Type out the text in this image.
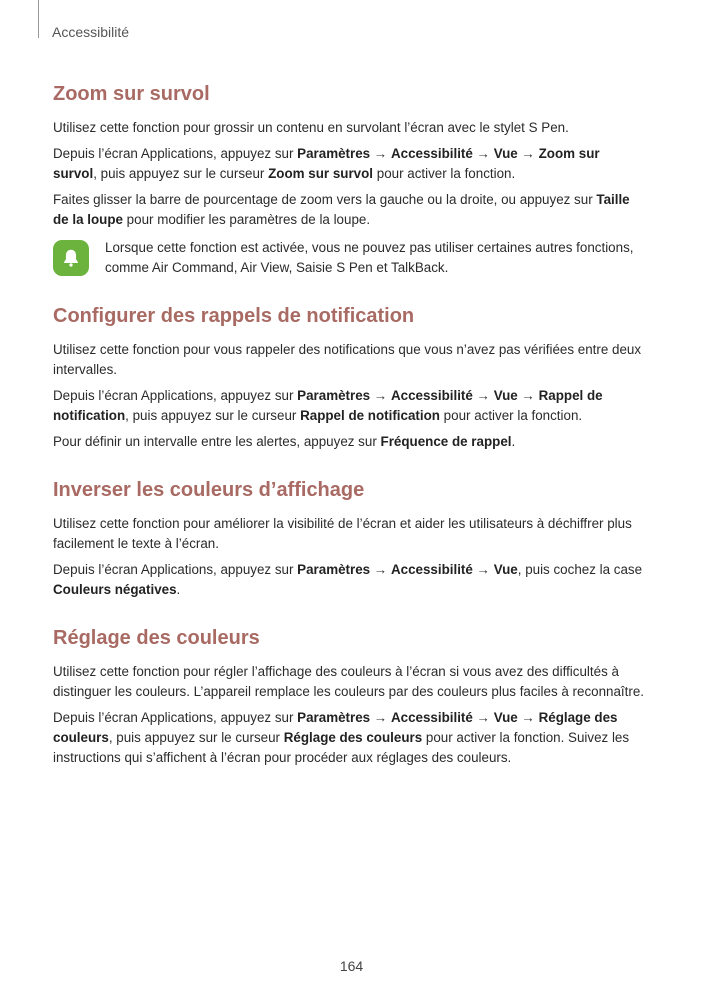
Accessibilité
Zoom sur survol

Utilisez cette fonction pour grossir un contenu en survolant l’écran avec le stylet S Pen.

Depuis l’écran Applications, appuyez sur Paramètres → Accessibilité → Vue → Zoom sur survol, puis appuyez sur le curseur Zoom sur survol pour activer la fonction.

Faites glisser la barre de pourcentage de zoom vers la gauche ou la droite, ou appuyez sur Taille de la loupe pour modifier les paramètres de la loupe.

Lorsque cette fonction est activée, vous ne pouvez pas utiliser certaines autres fonctions, comme Air Command, Air View, Saisie S Pen et TalkBack.
Configurer des rappels de notification

Utilisez cette fonction pour vous rappeler des notifications que vous n’avez pas vérifiées entre deux intervalles.

Depuis l’écran Applications, appuyez sur Paramètres → Accessibilité → Vue → Rappel de notification, puis appuyez sur le curseur Rappel de notification pour activer la fonction.

Pour définir un intervalle entre les alertes, appuyez sur Fréquence de rappel.

Inverser les couleurs d’affichage

Utilisez cette fonction pour améliorer la visibilité de l’écran et aider les utilisateurs à déchiffrer plus facilement le texte à l’écran.

Depuis l’écran Applications, appuyez sur Paramètres → Accessibilité → Vue, puis cochez la case Couleurs négatives.

Réglage des couleurs

Utilisez cette fonction pour régler l’affichage des couleurs à l’écran si vous avez des difficultés à distinguer les couleurs. L’appareil remplace les couleurs par des couleurs plus faciles à reconnaître.

Depuis l’écran Applications, appuyez sur Paramètres → Accessibilité → Vue → Réglage des couleurs, puis appuyez sur le curseur Réglage des couleurs pour activer la fonction. Suivez les instructions qui s’affichent à l’écran pour procéder aux réglages des couleurs.

164
